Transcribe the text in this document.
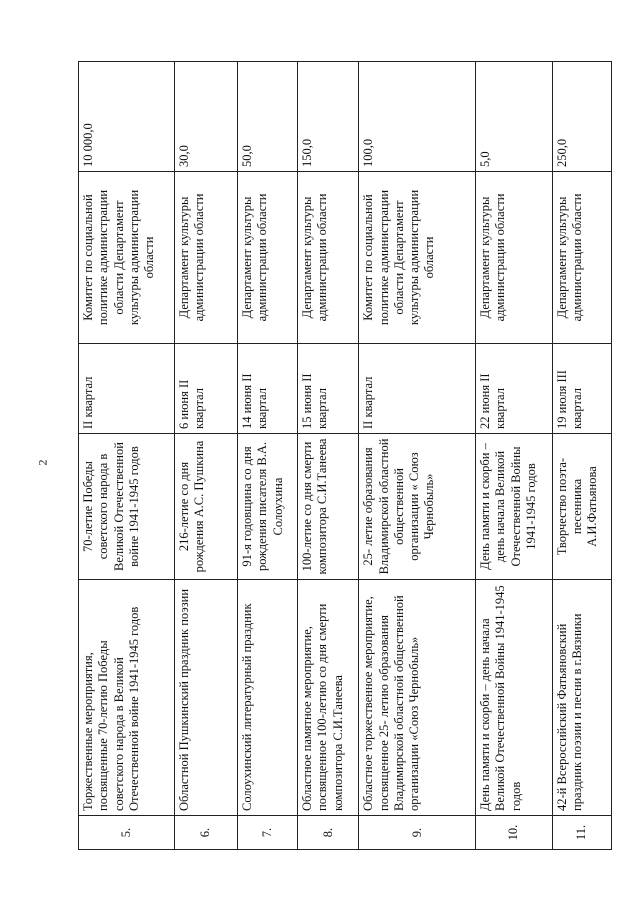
2
5.	Торжественные мероприятия, посвященные 70-летию Победы советского народа в Великой Отечественной войне 1941-1945 годов	70-летие Победы советского народа в Великой Отечественной войне 1941-1945 годов	II квартал	Комитет по социальной политике администрации области Департамент культуры администрации области	10 000,0
6.	Областной Пушкинский праздник поэзии	216-летие со дня рождения А.С. Пушкина	6 июня II квартал	Департамент культуры администрации области	30,0
7.	Солоухинский литературный праздник	91-я годовщина со дня рождения писателя В.А. Солоухина	14 июня II квартал	Департамент культуры администрации области	50,0
8.	Областное памятное мероприятие, посвященное 100-летию со дня смерти композитора С.И.Танеева	100-летие со дня смерти композитора С.И.Танеева	15 июня II квартал	Департамент культуры администрации области	150,0
9.	Областное торжественное мероприятие, посвященное 25- летию образования Владимирской областной общественной организации «Союз Чернобыль»	25- летие образования Владимирской областной общественной организации « Союз Чернобыль»	II квартал	Комитет по социальной политике администрации области Департамент культуры администрации области	100,0
10.	День памяти и скорби – день начала Великой Отечественной Войны 1941-1945 годов	День памяти и скорби – день начала Великой Отечественной Войны 1941-1945 годов	22 июня II квартал	Департамент культуры администрации области	5,0
11.	42-й Всероссийский Фатьяновский праздник поэзии и песни в г.Вязники	Творчество поэта-песенника А.И.Фатьянова	19 июля III квартал	Департамент культуры администрации области	250,0
